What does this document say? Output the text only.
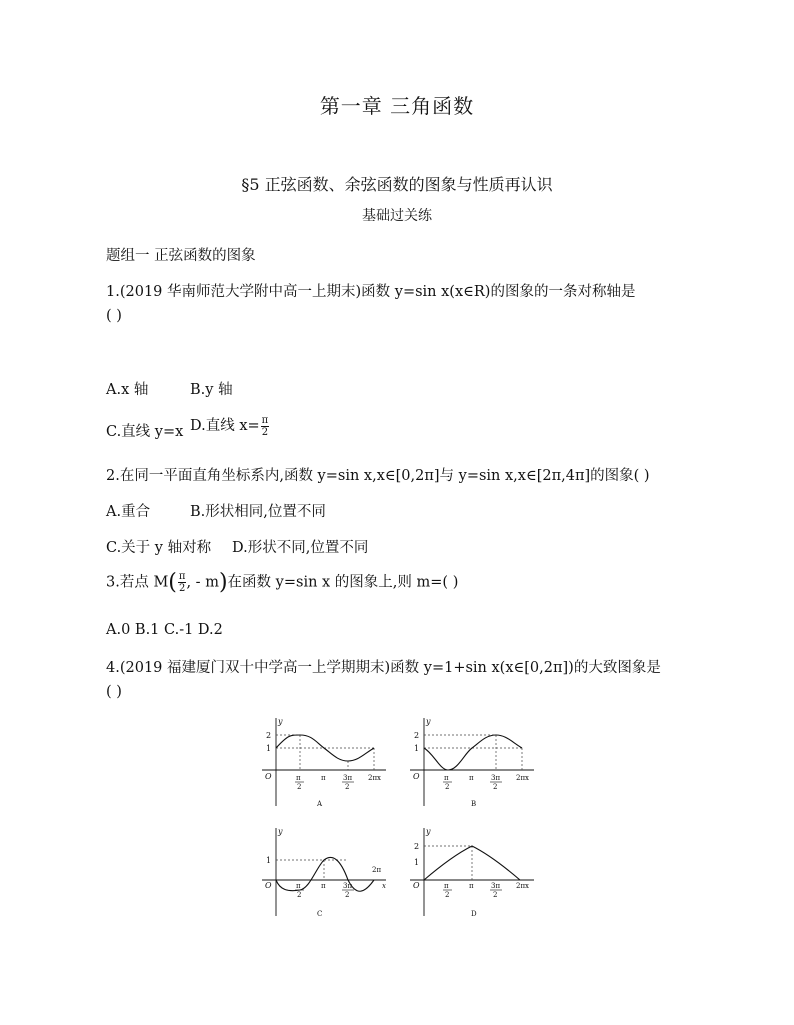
第一章 三角函数
§5 正弦函数、余弦函数的图象与性质再认识
基础过关练
题组一 正弦函数的图象
1.(2019 华南师范大学附中高一上期末)函数 y=sin x(x∈R)的图象的一条对称轴是
( )
A.x 轴	B.y 轴
C.直线 y=x D.直线 $x= \frac{\pi}{2}$
2.在同一平面直角坐标系内,函数 y=sin x,x∈[0,2π]与 y=sin x,x∈[2π,4π]的图象( )
A.重合	B.形状相同,位置不同
C.关于 y 轴对称 D.形状不同,位置不同
3.若点 $M( \frac{\pi}{2}$ , - m)在函数 y=sin x 的图象上,则 m=( )
A.0 B.1 C.-1 D.2
4.(2019 福建厦门双十中学高一上学期期末)函数 y=1+sin x(x∈[0,2π])的大致图象是
( )
y
2
1
O	π
2
π 3π
2
2πx
A
y
2
1
O	π
2
π 3π
2
2πx
B
y
1
O	π
2
π 3π
2
2π
x
C
y
2
1
O	π
2
π 3π
2
2πx
D
